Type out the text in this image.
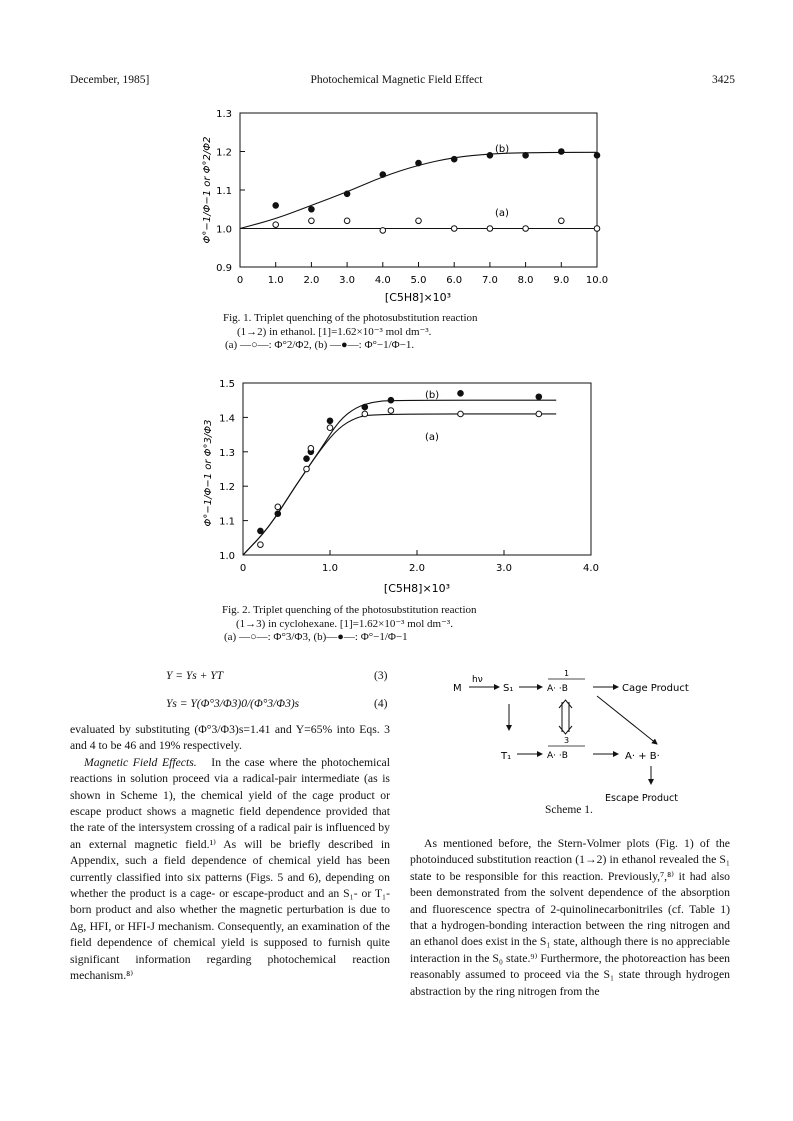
December, 1985]	Photochemical Magnetic Field Effect	3425
0.9
1.0
1.1
1.2
1.3
0 1.0 2.0 3.0 4.0 5.0 6.0 7.0 8.0 9.0 10.0
(b)
(a)
Φ°−1/Φ−1 or Φ°2/Φ2
[C5H8]×10³
Fig. 1. Triplet quenching of the photosubstitution reaction
(1→2) in ethanol. [1]=1.62×10⁻³ mol dm⁻³.
(a) —○—: Φ°2/Φ2, (b) —●—: Φ°−1/Φ−1.
1.0
1.1
1.2
1.3
1.4
1.5
0	1.0	2.0	3.0	4.0
(b)
(a)
Φ°−1/Φ−1 or Φ°3/Φ3
[C5H8]×10³
Fig. 2. Triplet quenching of the photosubstitution reaction
(1→3) in cyclohexane. [1]=1.62×10⁻³ mol dm⁻³.
(a) —○—: Φ°3/Φ3, (b)—●—: Φ°−1/Φ−1
Y = Ys + YT	(3)
Ys = Y(Φ°3/Φ3)0/(Φ°3/Φ3)s	(4)

evaluated by substituting (Φ°3/Φ3)s=1.41 and Y=65% into Eqs. 3 and 4 to be 46 and 19% respectively.

Magnetic Field Effects. In the case where the photochemical reactions in solution proceed via a radical-pair intermediate (as is shown in Scheme 1), the chemical yield of the cage product or escape product shows a magnetic field dependence provided that the rate of the intersystem crossing of a radical pair is influenced by an external magnetic field.¹⁾ As will be briefly described in Appendix, such a field dependence of chemical yield has been currently classified into six patterns (Figs. 5 and 6), depending on whether the product is a cage- or escape-product and an S₁- or T₁-born product and also whether the magnetic perturbation is due to Δg, HFI, or HFI-J mechanism. Consequently, an examination of the field dependence of chemical yield is supposed to furnish quite significant information regarding photochemical reaction mechanism.⁸⁾

M
hν
S₁
1
A· ·B	Cage Product
T₁
3
A· ·B	A· + B·
Escape Product
Scheme 1.

As mentioned before, the Stern-Volmer plots (Fig. 1) of the photoinduced substitution reaction (1→2) in ethanol revealed the S₁ state to be responsible for this reaction. Previously,⁷,⁸⁾ it had also been demonstrated from the solvent dependence of the absorption and fluorescence spectra of 2-quinolinecarbonitriles (cf. Table 1) that a hydrogen-bonding interaction between the ring nitrogen and an ethanol does exist in the S₁ state, although there is no appreciable interaction in the S₀ state.⁹⁾ Furthermore, the photoreaction has been reasonably assumed to proceed via the S₁ state through hydrogen abstraction by the ring nitrogen from the
